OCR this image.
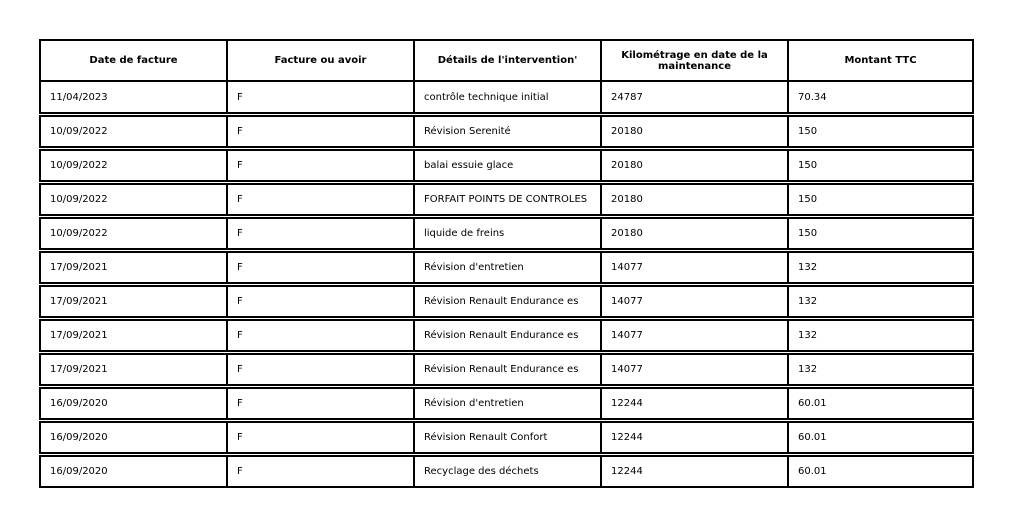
Date de facture	Facture ou avoir	Détails de l'intervention'	Kilométrage en date de la maintenance	Montant TTC
11/04/2023	F	contrôle technique initial	24787	70.34
10/09/2022	F	Révision Serenité	20180	150
10/09/2022	F	balai essuie glace	20180	150
10/09/2022	F	FORFAIT POINTS DE CONTROLES	20180	150
10/09/2022	F	liquide de freins	20180	150
17/09/2021	F	Révision d'entretien	14077	132
17/09/2021	F	Révision Renault Endurance es	14077	132
17/09/2021	F	Révision Renault Endurance es	14077	132
17/09/2021	F	Révision Renault Endurance es	14077	132
16/09/2020	F	Révision d'entretien	12244	60.01
16/09/2020	F	Révision Renault Confort	12244	60.01
16/09/2020	F	Recyclage des déchets	12244	60.01
